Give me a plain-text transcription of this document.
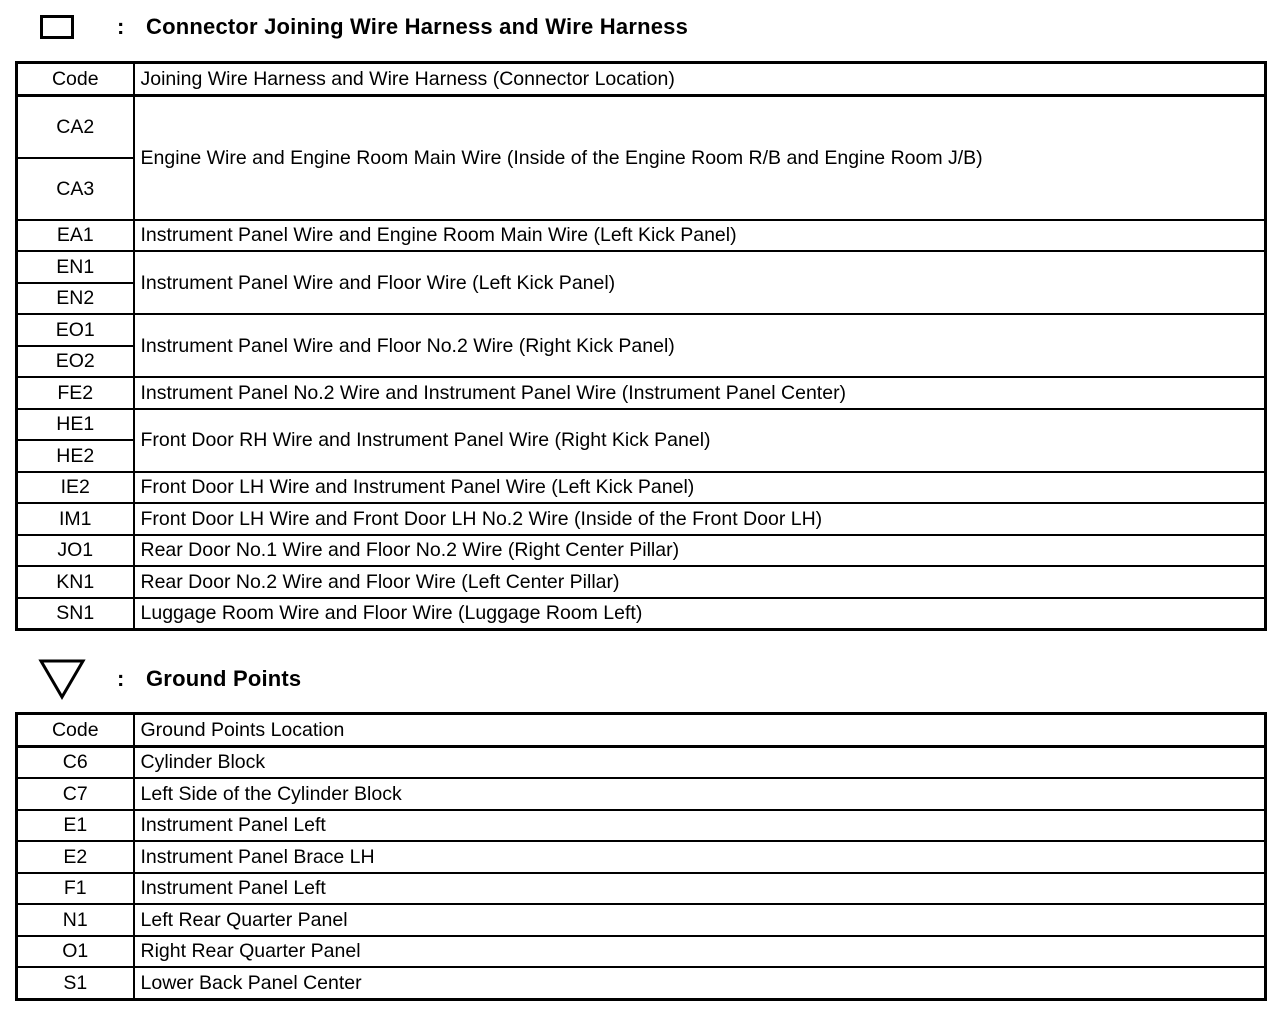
: Connector Joining Wire Harness and Wire Harness
Code	Joining Wire Harness and Wire Harness (Connector Location)
CA2	Engine Wire and Engine Room Main Wire (Inside of the Engine Room R/B and Engine Room J/B)
CA3	
EA1	Instrument Panel Wire and Engine Room Main Wire (Left Kick Panel)
EN1	Instrument Panel Wire and Floor Wire (Left Kick Panel)
EN2	
EO1	Instrument Panel Wire and Floor No.2 Wire (Right Kick Panel)
EO2	
FE2	Instrument Panel No.2 Wire and Instrument Panel Wire (Instrument Panel Center)
HE1	Front Door RH Wire and Instrument Panel Wire (Right Kick Panel)
HE2	
IE2	Front Door LH Wire and Instrument Panel Wire (Left Kick Panel)
IM1	Front Door LH Wire and Front Door LH No.2 Wire (Inside of the Front Door LH)
JO1	Rear Door No.1 Wire and Floor No.2 Wire (Right Center Pillar)
KN1	Rear Door No.2 Wire and Floor Wire (Left Center Pillar)
SN1	Luggage Room Wire and Floor Wire (Luggage Room Left)
: Ground Points
Code	Ground Points Location
C6	Cylinder Block
C7	Left Side of the Cylinder Block
E1	Instrument Panel Left
E2	Instrument Panel Brace LH
F1	Instrument Panel Left
N1	Left Rear Quarter Panel
O1	Right Rear Quarter Panel
S1	Lower Back Panel Center
